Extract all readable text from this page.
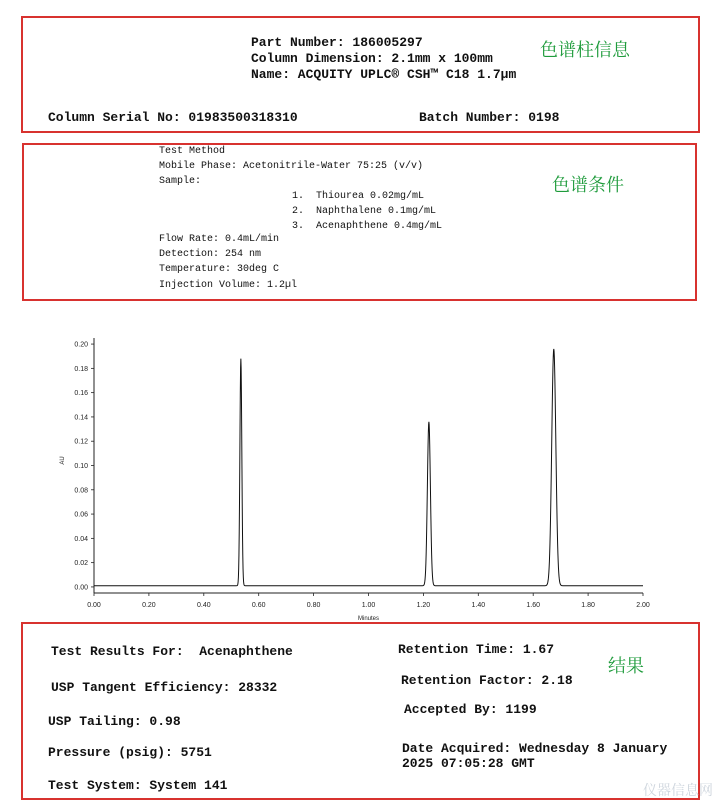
Part Number: 186005297
Column Dimension: 2.1mm x 100mm
Name: ACQUITY UPLC® CSH™ C18 1.7µm
Column Serial No: 01983500318310	Batch Number: 0198
色谱柱信息
Test Method
Mobile Phase: Acetonitrile-Water 75:25 (v/v)
Sample:
1.  Thiourea 0.02mg/mL
2.  Naphthalene 0.1mg/mL
3.  Acenaphthene 0.4mg/mL
Flow Rate: 0.4mL/min
Detection: 254 nm
Temperature: 30deg C
Injection Volume: 1.2µl
色谱条件
0.00
0.02
0.04
0.06
0.08
0.10
0.12
0.14
0.16
0.18
0.20
0.00	0.20	0.40	0.60	0.80	1.00	1.20	1.40	1.60	1.80	2.00
Minutes
AU
Test Results For:  Acenaphthene	Retention Time: 1.67
Retention Factor: 2.18
USP Tangent Efficiency: 28332
Accepted By: 1199
USP Tailing: 0.98
Pressure (psig): 5751	Date Acquired: Wednesday 8 January
2025 07:05:28 GMT
Test System: System 141
结果
仪器信息网
